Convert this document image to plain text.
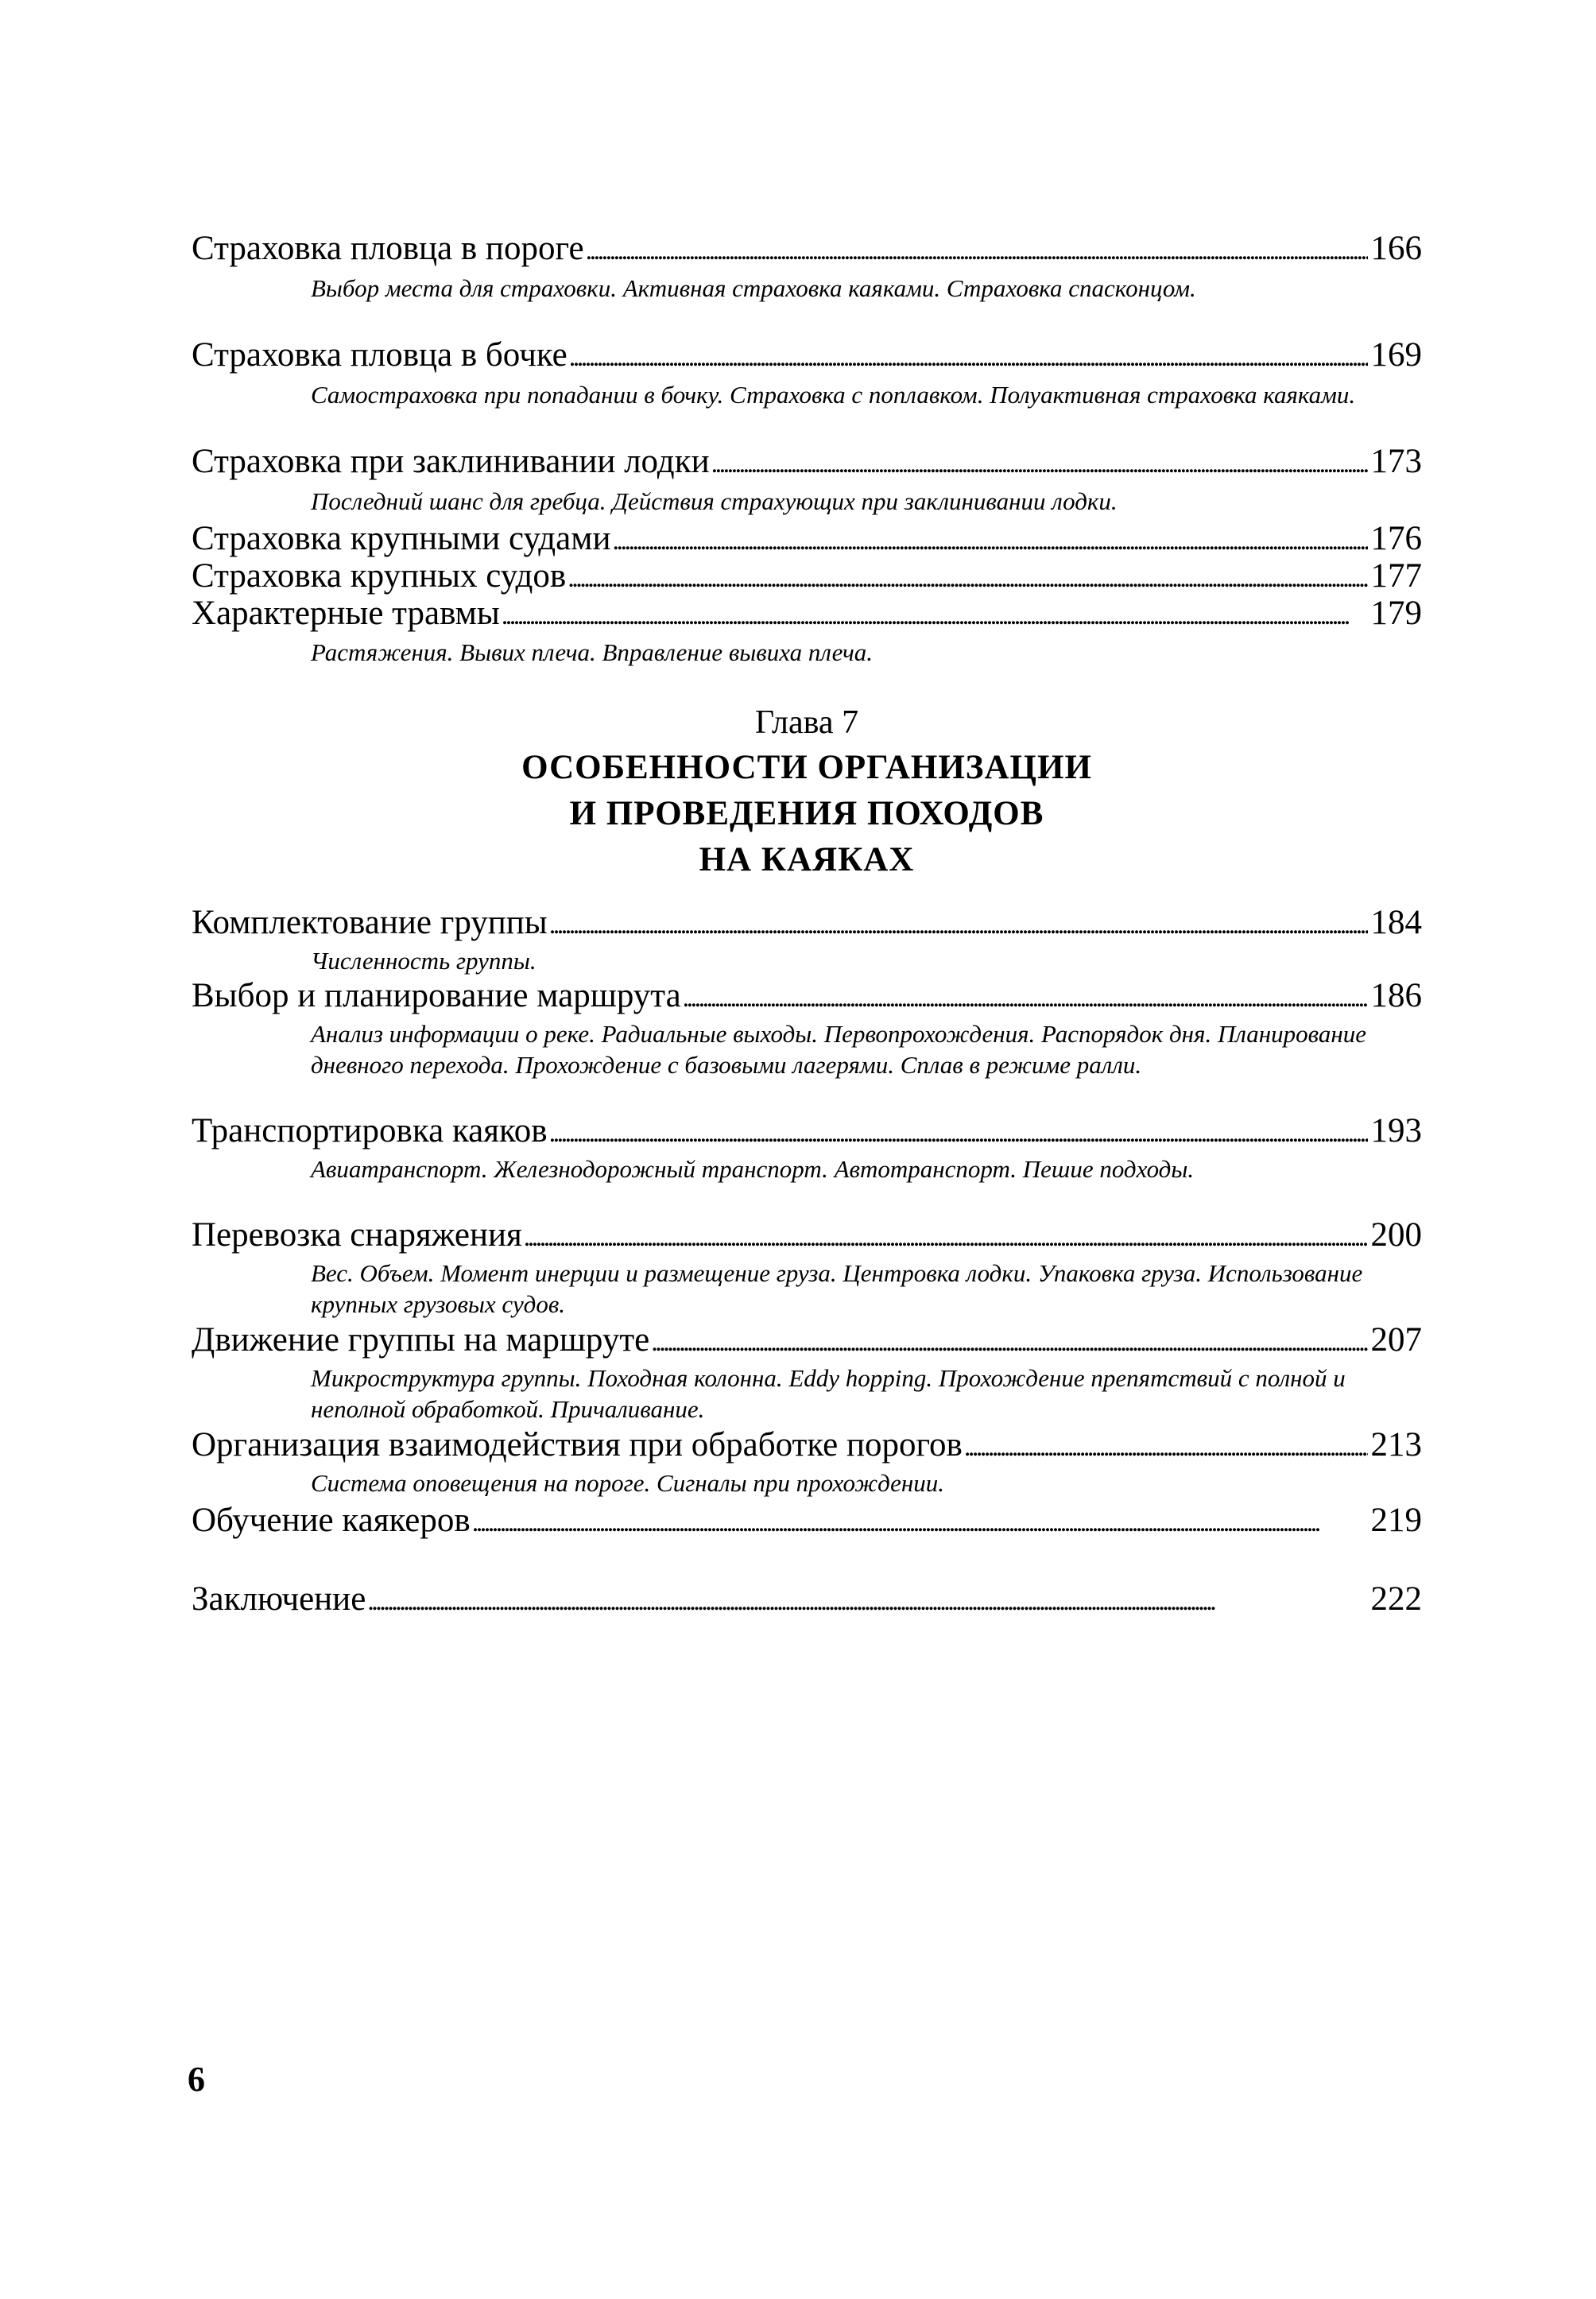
Страховка пловца в пороге . . .	166
Выбор места для страховки. Активная страховка каяками. Страховка спасконцом.
Страховка пловца в бочке . . .	169
Самостраховка при попадании в бочку. Страховка с поплавком. Полуактивная страховка каяками.
Страховка при заклинивании лодки . . .	173
Последний шанс для гребца. Действия страхующих при заклинивании лодки.
Страховка крупными судами . . .	176
Страховка крупных судов . . .	177
Характерные травмы . . .	179
Растяжения. Вывих плеча. Вправление вывиха плеча.
Глава 7
ОСОБЕННОСТИ ОРГАНИЗАЦИИ
И ПРОВЕДЕНИЯ ПОХОДОВ
НА КАЯКАХ
Комплектование группы . . .	184
Численность группы.
Выбор и планирование маршрута . . .	186
Анализ информации о реке. Радиальные выходы. Первопрохождения. Распорядок дня. Планирование дневного перехода. Прохождение с базовыми лагерями. Сплав в режиме ралли.
Транспортировка каяков . . .	193
Авиатранспорт. Железнодорожный транспорт. Автотранспорт. Пешие подходы.
Перевозка снаряжения . . .	200
Вес. Объем. Момент инерции и размещение груза. Центровка лодки. Упаковка груза. Использование крупных грузовых судов.
Движение группы на маршруте . . .	207
Микроструктура группы. Походная колонна. Eddy hopping. Прохождение препятствий с полной и неполной обработкой. Причаливание.
Организация взаимодействия при обработке порогов . . .	213
Система оповещения на пороге. Сигналы при прохождении.
Обучение каякеров . . .	219
Заключение . . .	222
6
